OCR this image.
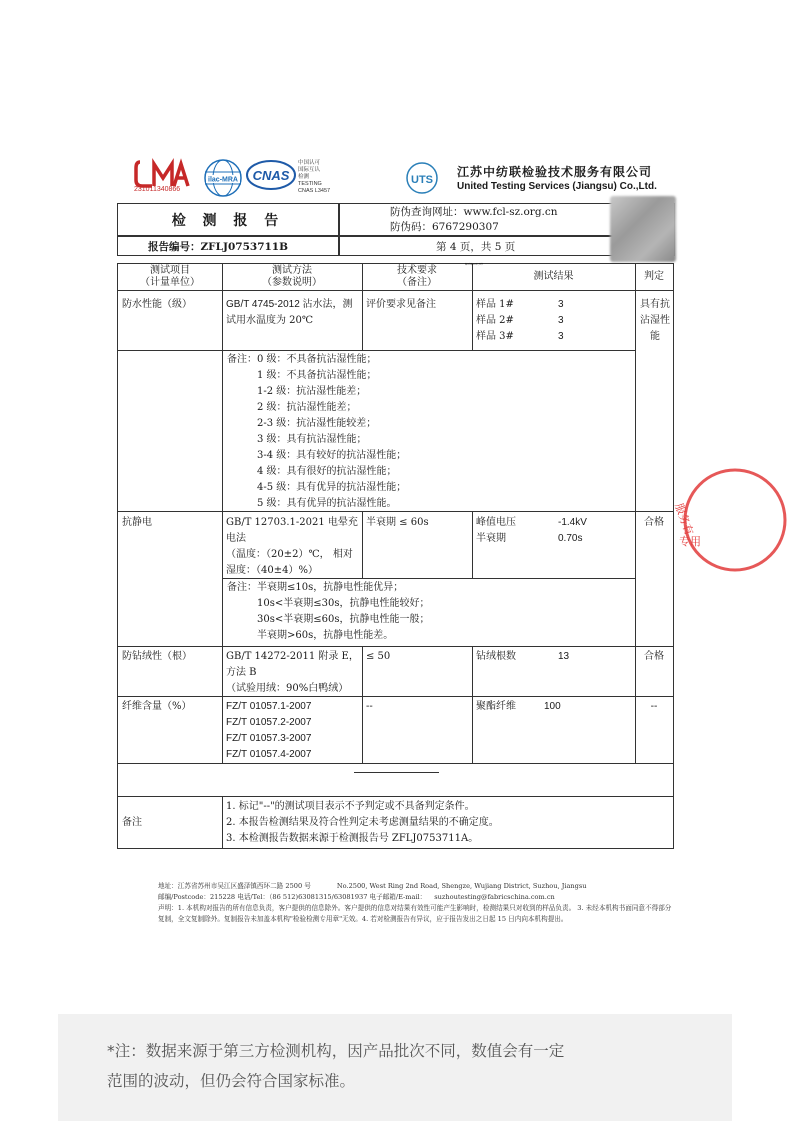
231011340866
ilac-MRA CNAS
中国认可
国际互认
检测
TESTING
CNAS L3457
UTS
江苏中纺联检验技术服务有限公司
United Testing Services (Jiangsu) Co.,Ltd.
检 测 报 告
防伪查询网址：www.fcl-sz.org.cn
防伪码：6767290307
报告编号：ZFLJ0753711B	第 4 页，共 5 页
测试项目
（计量单位）
测试方法
（参数说明）
技术要求
（备注）
测试结果	判定
防水性能（级）	GB/T 4745-2012 沾水法，测
试用水温度为 20℃
评价要求见备注	样品 1#	3
样品 2#	3
样品 3#	3
具有抗
沾湿性
能
备注：0 级：不具备抗沾湿性能；
1 级：不具备抗沾湿性能；
1-2 级：抗沾湿性能差；
2 级：抗沾湿性能差；
2-3 级：抗沾湿性能较差；
3 级：具有抗沾湿性能；
3-4 级：具有较好的抗沾湿性能；
4 级：具有很好的抗沾湿性能；
4-5 级：具有优异的抗沾湿性能；
5 级：具有优异的抗沾湿性能。
抗静电	GB/T 12703.1-2021 电晕充
电法
（温度：（20±2）℃， 相对
湿度：（40±4）%）
半衰期 ≤ 60s	峰值电压	-1.4kV
半衰期	0.70s
合格
备注：半衰期≤10s，抗静电性能优异；
10s<半衰期≤30s，抗静电性能较好；
30s<半衰期≤60s，抗静电性能一般；
半衰期>60s，抗静电性能差。
防钻绒性（根）	GB/T 14272-2011 附录 E，
方法 B
（试验用绒：90%白鸭绒）
≤ 50	钻绒根数	13	合格
纤维含量（%）	FZ/T 01057.1-2007
FZ/T 01057.2-2007
FZ/T 01057.3-2007
FZ/T 01057.4-2007
--	聚酯纤维	100	--
备注
1. 标记"--"的测试项目表示不予判定或不具备判定条件。
2. 本报告检测结果及符合性判定未考虑测量结果的不确定度。
3. 本检测报告数据来源于检测报告号 ZFLJ0753711A。
服务有限公司专用章
服务有
专用
地址：江苏省苏州市吴江区盛泽镇西环二路 2500 号	No.2500, West Ring 2nd Road, Shengze, Wujiang District, Suzhou, Jiangsu
邮编/Postcode：215228 电话/Tel：（86 512)63081315/63081937 电子邮箱/E-mail： suzhoutesting@fabricschina.com.cn
声明：1. 本机构对报告的所有信息负责，客户提供的信息除外。客户提供的信息对结果有效性可能产生影响时，检测结果只对收到的样品负责。 3. 未经本机构书面同意不得部分
复制，全文复制除外。复制报告未加盖本机构"检验检测专用章"无效。4. 若对检测报告有异议，应于报告发出之日起 15 日内向本机构提出。
*注：数据来源于第三方检测机构，因产品批次不同，数值会有一定
范围的波动，但仍会符合国家标准。
